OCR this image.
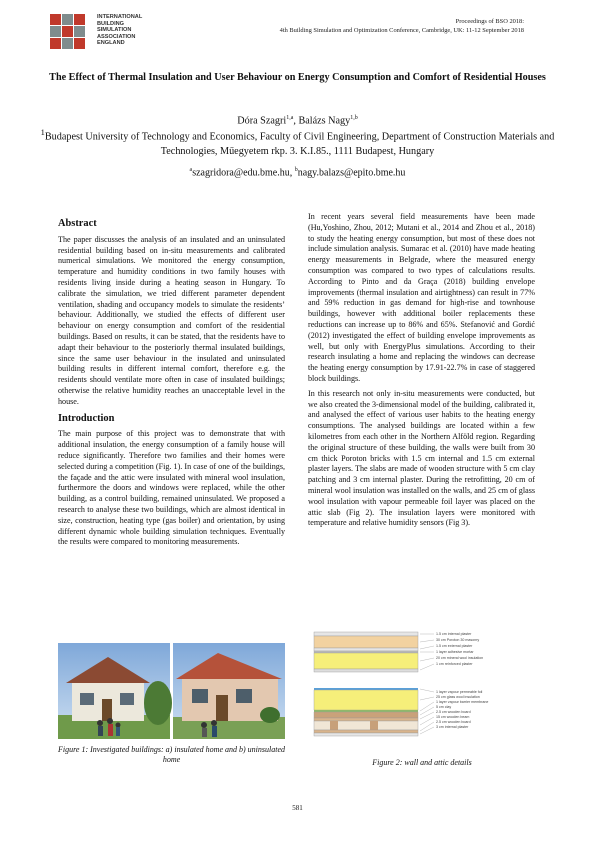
INTERNATIONAL
BUILDING
SIMULATION
ASSOCIATION
ENGLAND
Proceedings of BSO 2018:
4th Building Simulation and Optimization Conference, Cambridge, UK: 11-12 September 2018
The Effect of Thermal Insulation and User Behaviour on Energy Consumption and Comfort of Residential Houses
Dóra Szagri$^{1,a}$, Balázs Nagy$^{1,b}$
$^1$Budapest University of Technology and Economics, Faculty of Civil Engineering, Department of Construction Materials and Technologies, Műegyetem rkp. 3. K.I.85., 1111 Budapest, Hungary
$^a$szagridora@edu.bme.hu, $^b$nagy.balazs@epito.bme.hu
Abstract

The paper discusses the analysis of an insulated and an uninsulated residential building based on in-situ measurements and calibrated numerical simulations. We monitored the energy consumption, temperature and humidity conditions in two family houses with residents living inside during a heating season in Hungary. To calibrate the simulation, we tried different parameter dependent ventilation, shading and occupancy models to simulate the residents’ behaviour. Additionally, we studied the effects of different user behaviour on energy consumption and comfort of the residential buildings. Based on results, it can be stated, that the residents have to adapt their behaviour to the posteriorly thermal insulated buildings, since the same user behaviour in the insulated and uninsulated building results in different internal comfort, therefore e.g. the residents should ventilate more often in case of insulated buildings; otherwise the relative humidity reaches an unacceptable level in the house.

Introduction

The main purpose of this project was to demonstrate that with additional insulation, the energy consumption of a family house will reduce significantly. Therefore two families and their homes were selected during a competition (Fig. 1). In case of one of the buildings, the façade and the attic were insulated with mineral wool insulation, furthermore the doors and windows were replaced, while the other building, as a control building, remained uninsulated. We proposed a research to analyse these two buildings, which are almost identical in size, construction, heating type (gas boiler) and orientation, by using different dynamic whole building simulation techniques. Eventually the results were compared to monitoring measurements.

Figure 1: Investigated buildings: a) insulated home and b) uninsulated home

In recent years several field measurements have been made (Hu,Yoshino, Zhou, 2012; Mutani et al., 2014 and Zhou et al., 2018) to study the heating energy consumption, but most of these does not include simulation analysis. Sumarac et al. (2010) have made heating energy measurements in Belgrade, where the measured energy consumption was compared to two types of calculations results. According to Pinto and da Graça (2018) building envelope improvements (thermal insulation and airtightness) can result in 77% and 59% reduction in gas demand for high-rise and townhouse buildings, however with additional boiler replacements these reductions can increase up to 86% and 65%. Stefanović and Gordić (2012) investigated the effect of building envelope improvements as well, but only with EnergyPlus simulations. According to their research insulating a home and replacing the windows can decrease the heating energy consumption by 17.91-22.7% in case of staggered block buildings.

In this research not only in-situ measurements were conducted, but we also created the 3-dimensional model of the building, calibrated it, and analysed the effect of various user habits to the heating energy consumptions. The analysed buildings are located within a few kilometres from each other in the Northern Alföld region. Regarding the original structure of these building, the walls were built from 30 cm thick Poroton bricks with 1.5 cm internal and 1.5 cm external plaster layers. The slabs are made of wooden structure with 5 cm clay patching and 3 cm internal plaster. During the retrofitting, 20 cm of mineral wool insulation was installed on the walls, and 25 cm of glass wool insulation with vapour permeable foil layer was placed on the attic slab (Fig 2). The insulation layers were monitored with temperature and relative humidity sensors (Fig 3).

1.5 cm internal plaster
30 cm Poroton 30 masonry
1.5 cm external plaster
1 layer adhesive mortar
20 cm mineral wool insulation
1 cm reinforced plaster
1 layer vapour permeable foil
25 cm glass wool insulation
1 layer vapour barrier membrane
5 cm clay
2.5 cm wooden board
15 cm wooden beam
2.5 cm wooden board
3 cm internal plaster
Figure 2: wall and attic details
581
